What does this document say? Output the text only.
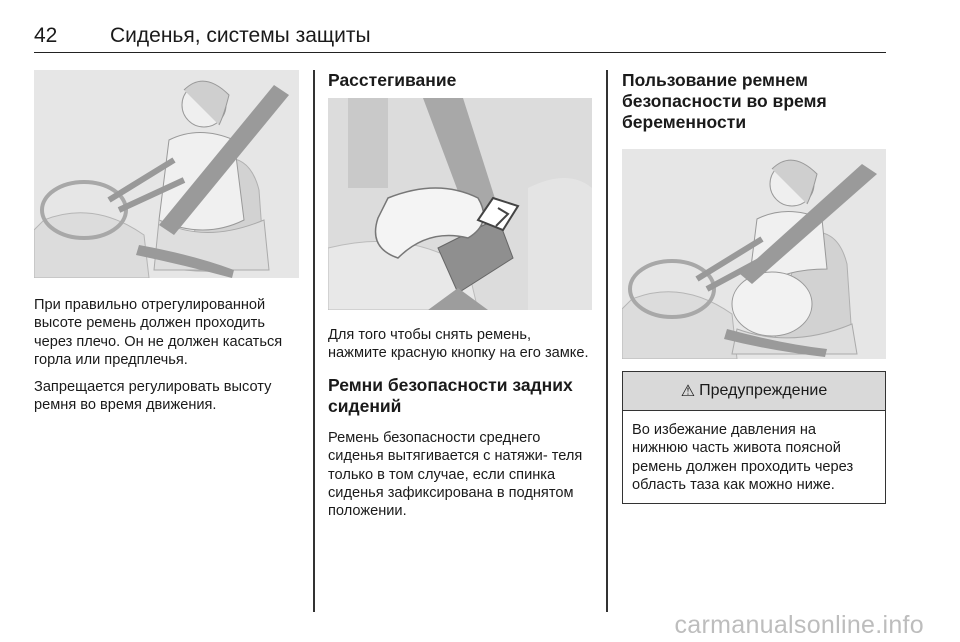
42	Сиденья, системы защиты

При правильно отрегулированной высоте ремень должен проходить через плечо. Он не должен касаться горла или предплечья.

Запрещается регулировать высоту ремня во время движения.

Расстегивание

Для того чтобы снять ремень, нажмите красную кнопку на его замке.

Ремни безопасности задних сидений

Ремень безопасности среднего сиденья вытягивается с натяжи- теля только в том случае, если спинка сиденья зафиксирована в поднятом положении.

Пользование ремнем безопасности во время беременности
⚠ Предупреждение

Во избежание давления на нижнюю часть живота поясной ремень должен проходить через область таза как можно ниже.

carmanualsonline.info
